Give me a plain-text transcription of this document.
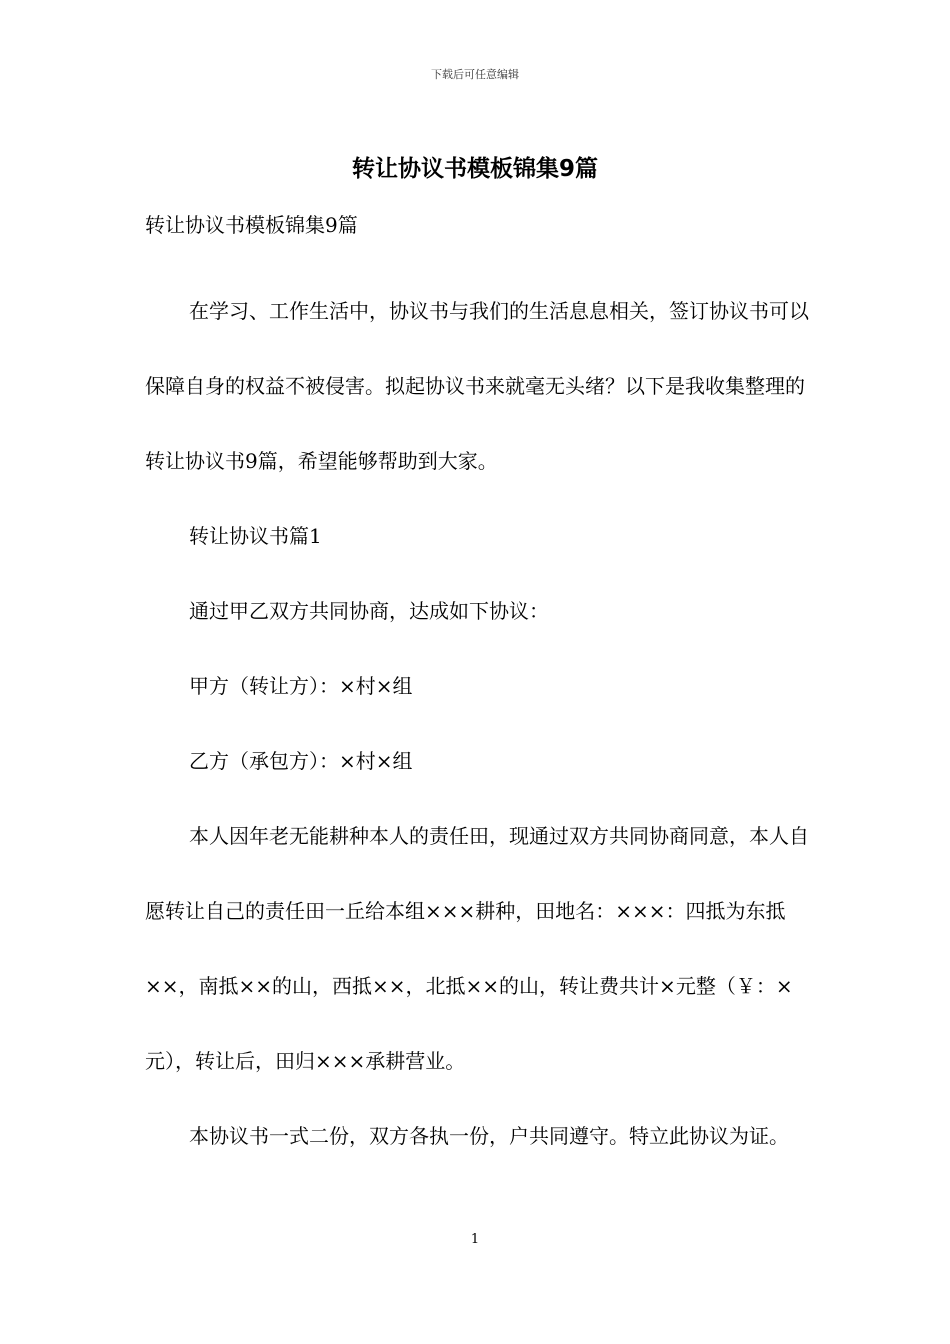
下载后可任意编辑
转让协议书模板锦集9篇

转让协议书模板锦集9篇

在学习、工作生活中，协议书与我们的生活息息相关，签订协议书可以保障自身的权益不被侵害。拟起协议书来就毫无头绪？以下是我收集整理的转让协议书9篇，希望能够帮助到大家。

转让协议书篇1

通过甲乙双方共同协商，达成如下协议：

甲方（转让方）：×村×组

乙方（承包方）：×村×组

本人因年老无能耕种本人的责任田，现通过双方共同协商同意，本人自愿转让自己的责任田一丘给本组×××耕种，田地名：×××：四抵为东抵××，南抵××的山，西抵××，北抵××的山，转让费共计×元整（￥：×元），转让后，田归×××承耕营业。

本协议书一式二份，双方各执一份，户共同遵守。特立此协议为证。

1
